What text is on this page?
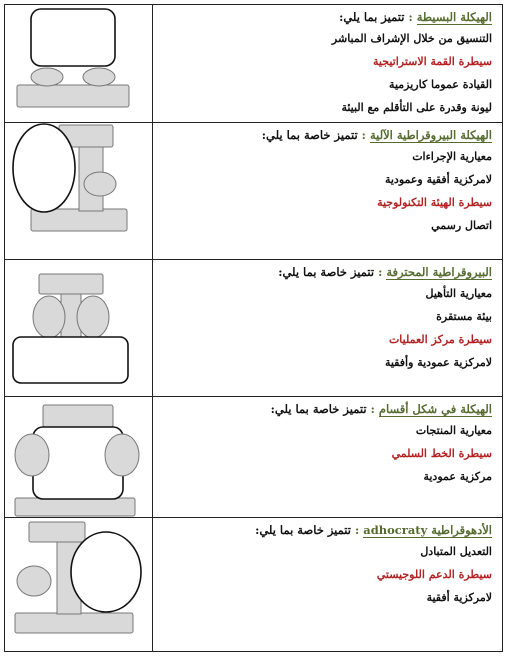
الهيكلة البسيطة : تتميز بما يلي:
التنسيق من خلال الإشراف المباشر
سيطرة القمة الاستراتيجية
القيادة عموما كاريزمية
ليونة وقدرة على التأقلم مع البيئة
الهيكلة البيروقراطية الآلية : تتميز خاصة بما يلي:
معيارية الإجراءات
لامركزية أفقية وعمودية
سيطرة الهيئة التكنولوجية
اتصال رسمي
البيروقراطية المحترفة : تتميز خاصة بما يلي:
معيارية التأهيل
بيئة مستقرة
سيطرة مركز العمليات
لامركزية عمودية وأفقية
الهيكلة في شكل أقسام : تتميز خاصة بما يلي:
معيارية المنتجات
سيطرة الخط السلمي
مركزية عمودية
الأدهوقراطية adhocraty : تتميز خاصة بما يلي:
التعديل المتبادل
سيطرة الدعم اللوجيستي
لامركزية أفقية
